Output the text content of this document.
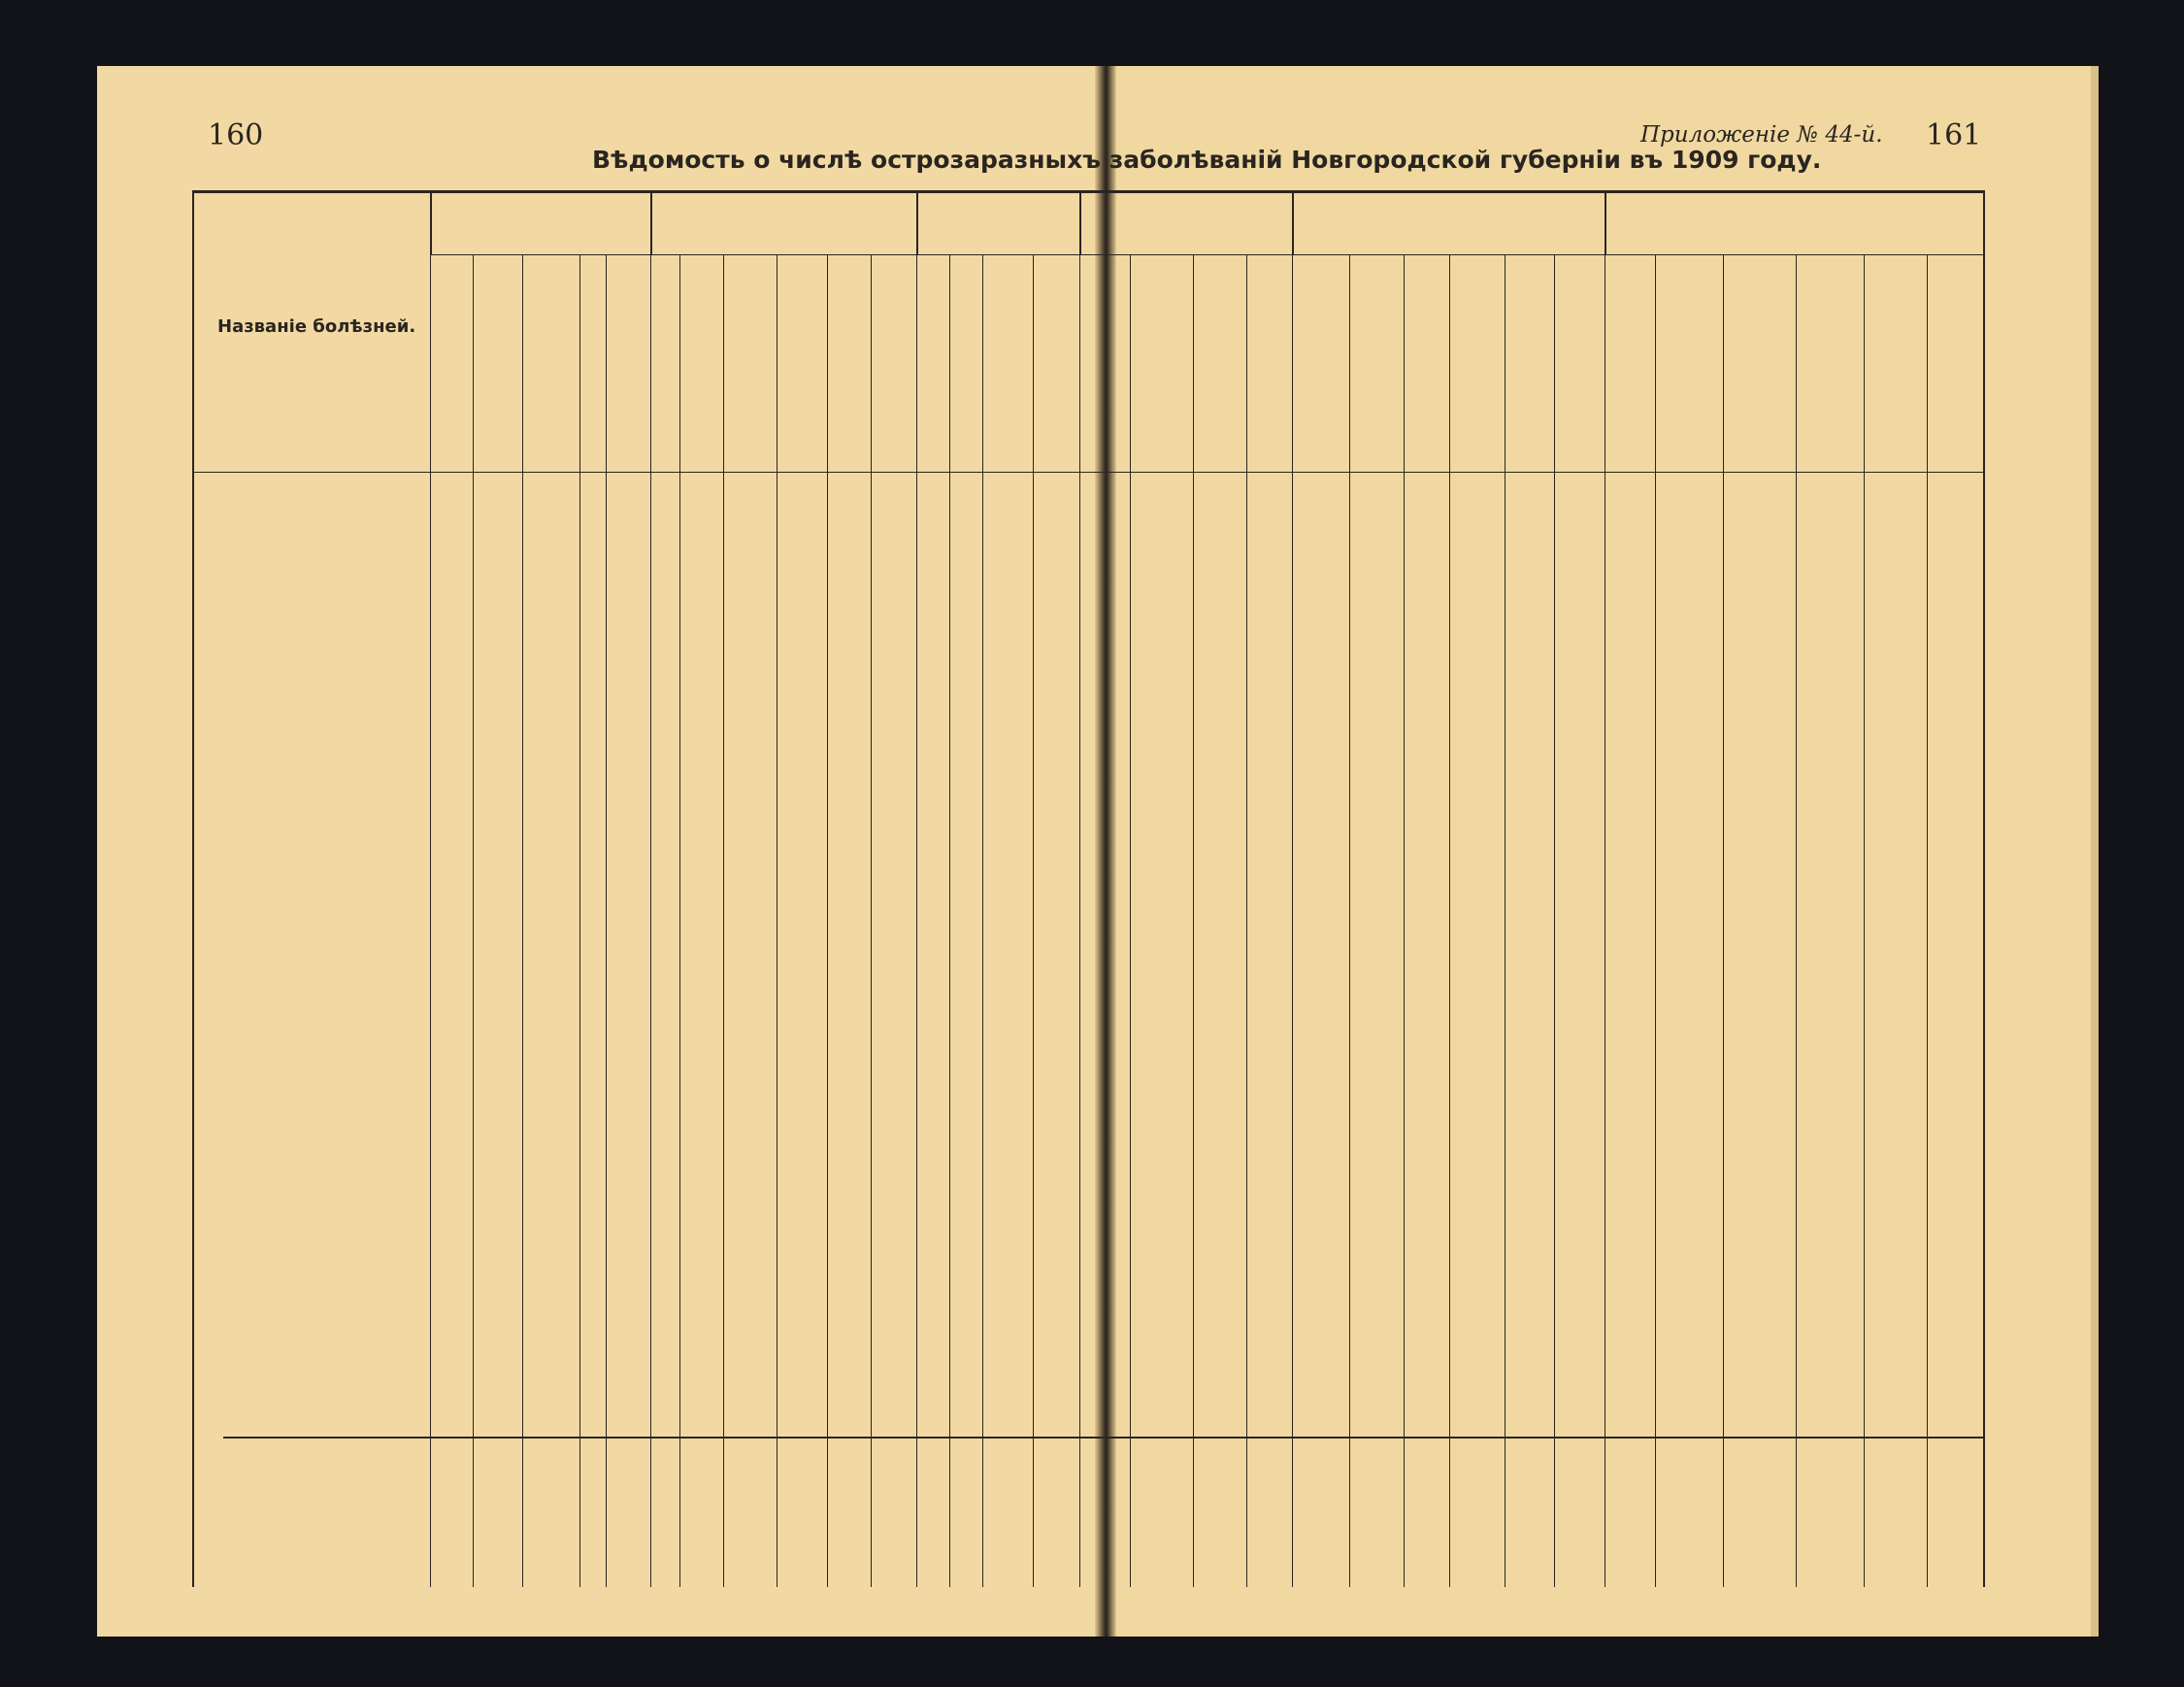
160	161
Вѣдомость о числѣ острозаразныхъ заболѣваній Новгородской губерніи въ 1909 году.
Приложеніе № 44-й.
Названіе болѣзней.
